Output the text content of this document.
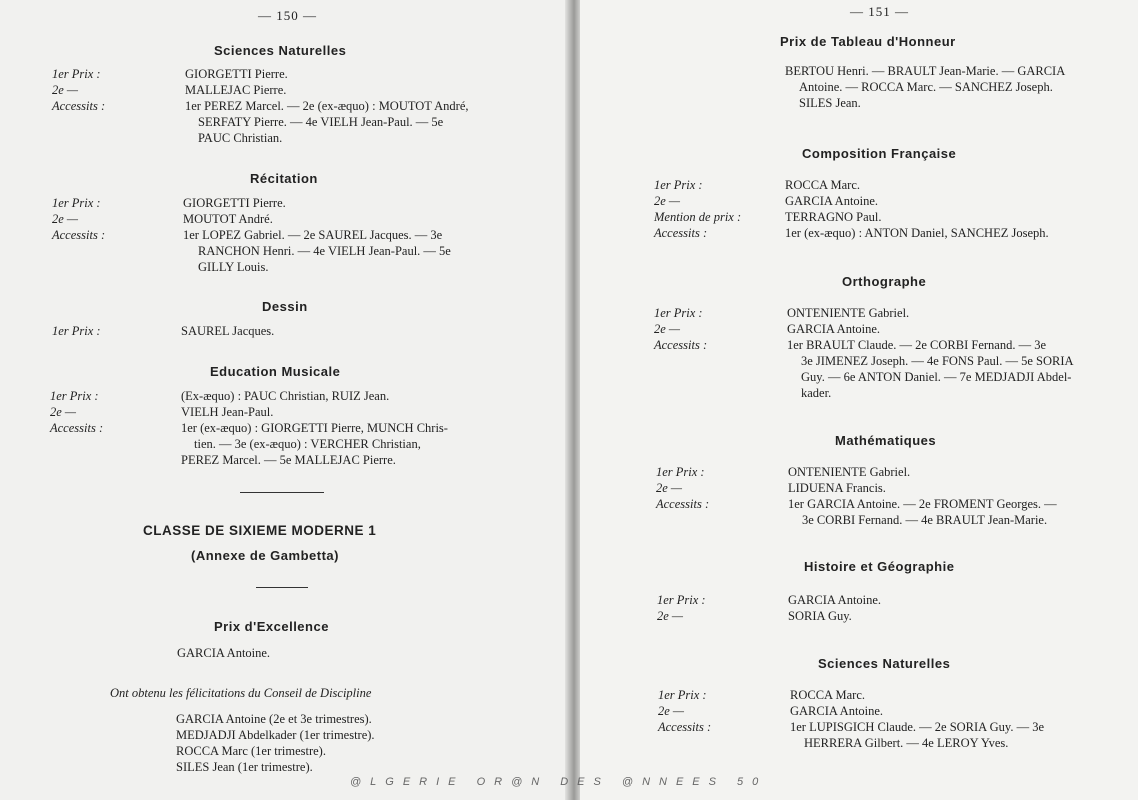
— 150 —
Sciences Naturelles
1er Prix :	GIORGETTI Pierre.
2e —	MALLEJAC Pierre.
Accessits :	1er PEREZ Marcel. — 2e (ex-æquo) : MOUTOT André,
SERFATY Pierre. — 4e VIELH Jean-Paul. — 5e
PAUC Christian.
Récitation
1er Prix :	GIORGETTI Pierre.
2e —	MOUTOT André.
Accessits :	1er LOPEZ Gabriel. — 2e SAUREL Jacques. — 3e
RANCHON Henri. — 4e VIELH Jean-Paul. — 5e
GILLY Louis.
Dessin
1er Prix :	SAUREL Jacques.
Education Musicale
1er Prix :	(Ex-æquo) : PAUC Christian, RUIZ Jean.
2e —	VIELH Jean-Paul.
Accessits :	1er (ex-æquo) : GIORGETTI Pierre, MUNCH Chris-
tien. — 3e (ex-æquo) : VERCHER Christian,
PEREZ Marcel. — 5e MALLEJAC Pierre.
CLASSE DE SIXIEME MODERNE 1
(Annexe de Gambetta)
Prix d'Excellence
GARCIA Antoine.
Ont obtenu les félicitations du Conseil de Discipline
GARCIA Antoine (2e et 3e trimestres).
MEDJADJI Abdelkader (1er trimestre).
ROCCA Marc (1er trimestre).
SILES Jean (1er trimestre).
— 151 —
Prix de Tableau d'Honneur
BERTOU Henri. — BRAULT Jean-Marie. — GARCIA
Antoine. — ROCCA Marc. — SANCHEZ Joseph.
SILES Jean.
Composition Française
1er Prix :	ROCCA Marc.
2e —	GARCIA Antoine.
Mention de prix :	TERRAGNO Paul.
Accessits :	1er (ex-æquo) : ANTON Daniel, SANCHEZ Joseph.
Orthographe
1er Prix :	ONTENIENTE Gabriel.
2e —	GARCIA Antoine.
Accessits :	1er BRAULT Claude. — 2e CORBI Fernand. — 3e
3e JIMENEZ Joseph. — 4e FONS Paul. — 5e SORIA
Guy. — 6e ANTON Daniel. — 7e MEDJADJI Abdel-
kader.
Mathématiques
1er Prix :	ONTENIENTE Gabriel.
2e —	LIDUENA Francis.
Accessits :	1er GARCIA Antoine. — 2e FROMENT Georges. —
3e CORBI Fernand. — 4e BRAULT Jean-Marie.
Histoire et Géographie
1er Prix :	GARCIA Antoine.
2e —	SORIA Guy.
Sciences Naturelles
1er Prix :	ROCCA Marc.
2e —	GARCIA Antoine.
Accessits :	1er LUPISGICH Claude. — 2e SORIA Guy. — 3e
HERRERA Gilbert. — 4e LEROY Yves.
@LGERIE OR@N DES @NNEES 50
